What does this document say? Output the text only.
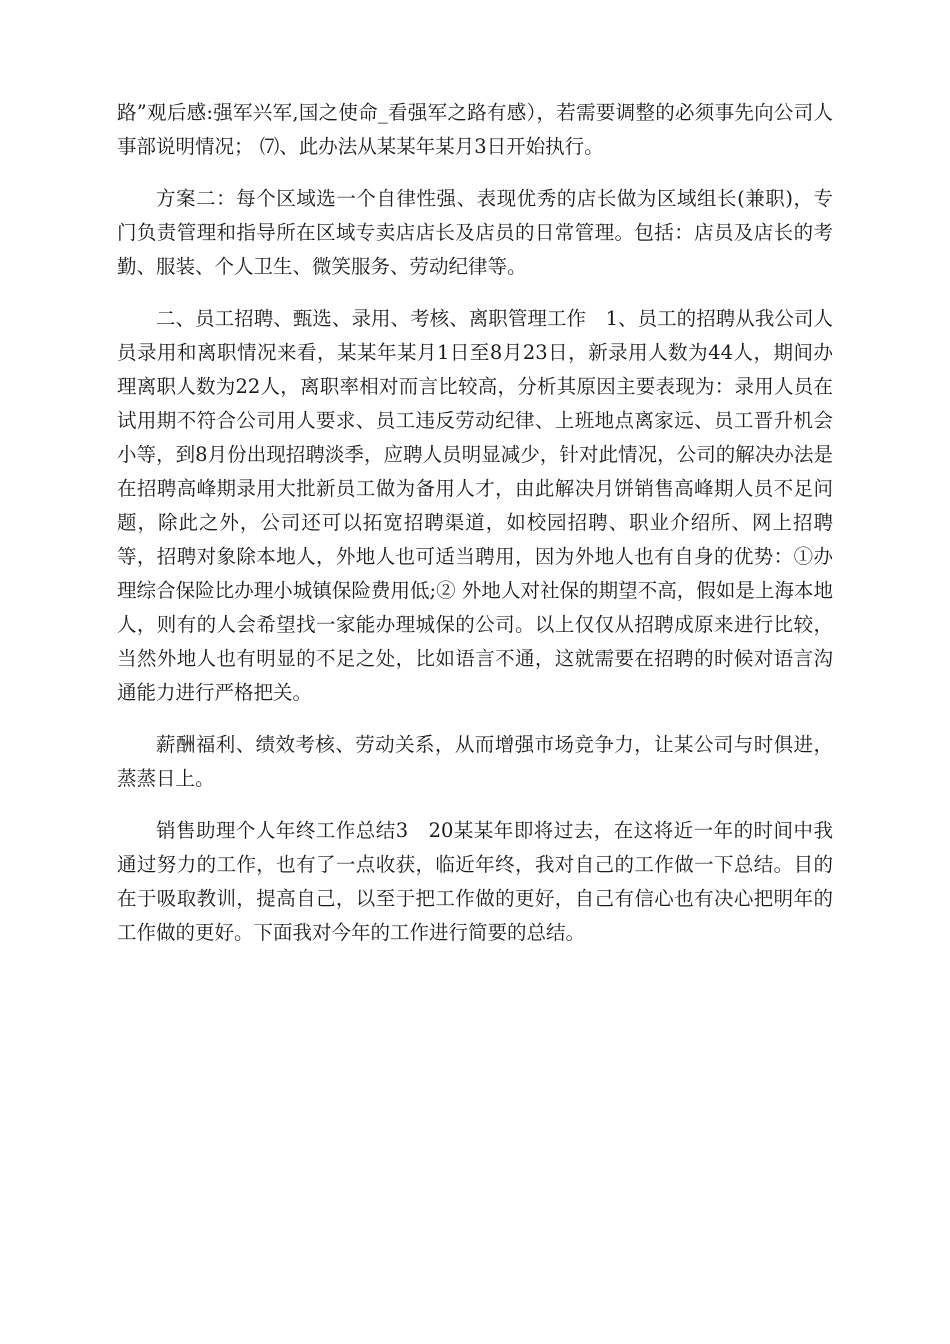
路”观后感:强军兴军,国之使命_看强军之路有感），若需要调整的必须事先向公司人事部说明情况； ⑺、此办法从某某年某月3日开始执行。

方案二：每个区域选一个自律性强、表现优秀的店长做为区域组长(兼职)，专门负责管理和指导所在区域专卖店店长及店员的日常管理。包括：店员及店长的考勤、服装、个人卫生、微笑服务、劳动纪律等。

二、员工招聘、甄选、录用、考核、离职管理工作　1、员工的招聘从我公司人员录用和离职情况来看，某某年某月1日至8月23日，新录用人数为44人，期间办理离职人数为22人，离职率相对而言比较高，分析其原因主要表现为：录用人员在试用期不符合公司用人要求、员工违反劳动纪律、上班地点离家远、员工晋升机会小等，到8月份出现招聘淡季，应聘人员明显减少，针对此情况，公司的解决办法是在招聘高峰期录用大批新员工做为备用人才，由此解决月饼销售高峰期人员不足问题，除此之外，公司还可以拓宽招聘渠道，如校园招聘、职业介绍所、网上招聘等，招聘对象除本地人，外地人也可适当聘用，因为外地人也有自身的优势：①办理综合保险比办理小城镇保险费用低;② 外地人对社保的期望不高，假如是上海本地人，则有的人会希望找一家能办理城保的公司。以上仅仅从招聘成原来进行比较，当然外地人也有明显的不足之处，比如语言不通，这就需要在招聘的时候对语言沟通能力进行严格把关。

薪酬福利、绩效考核、劳动关系，从而增强市场竞争力，让某公司与时俱进，蒸蒸日上。

销售助理个人年终工作总结3　20某某年即将过去，在这将近一年的时间中我通过努力的工作，也有了一点收获，临近年终，我对自己的工作做一下总结。目的在于吸取教训，提高自己，以至于把工作做的更好，自己有信心也有决心把明年的工作做的更好。下面我对今年的工作进行简要的总结。
